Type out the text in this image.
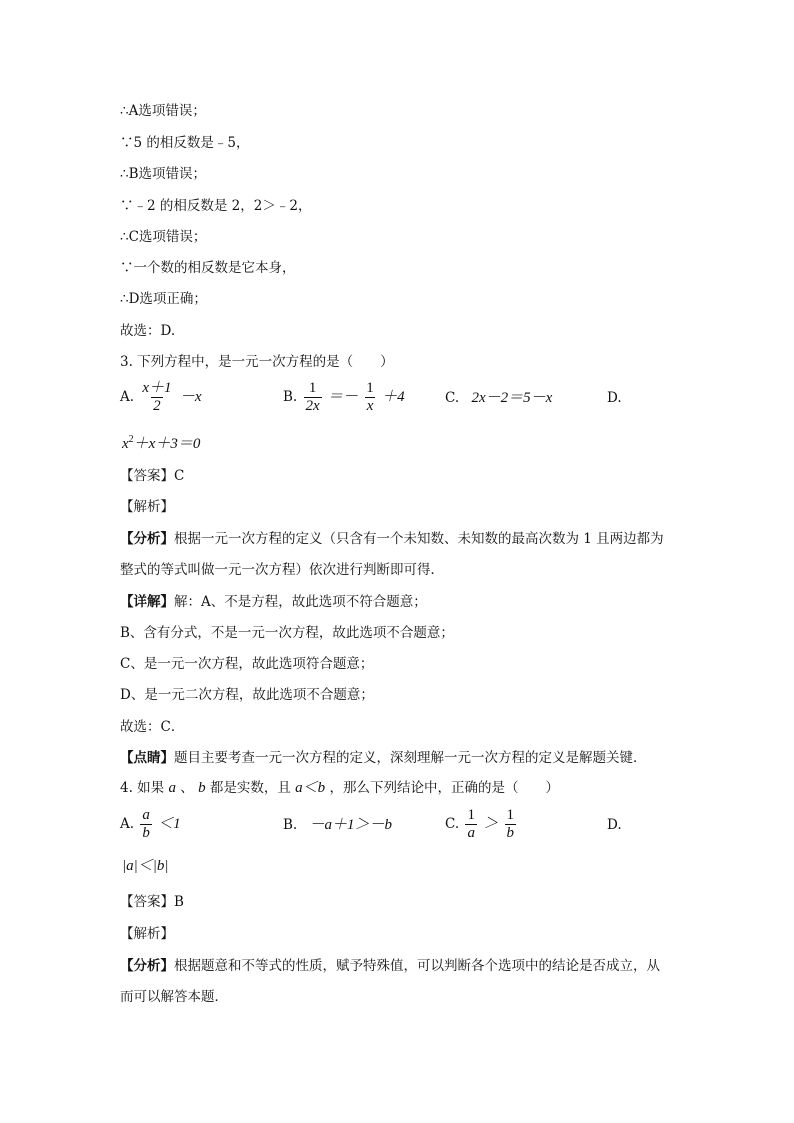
∴A选项错误；
∵5 的相反数是﹣5，
∴B选项错误；
∵﹣2 的相反数是 2，2＞﹣2，
∴C选项错误；
∵一个数的相反数是它本身，
∴D选项正确；
故选：D.
3. 下列方程中，是一元一次方程的是（　　）
A. $\frac{x+1}{2} -x$	B. $\frac{1}{2x} =- \frac{1}{x} +4$	C. 2x－2＝5－x	D.
$x^2+x+3=0$
【答案】C
【解析】
【分析】根据一元一次方程的定义（只含有一个未知数、未知数的最高次数为 1 且两边都为
整式的等式叫做一元一次方程）依次进行判断即可得．
【详解】解：A、不是方程，故此选项不符合题意；
B、含有分式，不是一元一次方程，故此选项不合题意；
C、是一元一次方程，故此选项符合题意；
D、是一元二次方程，故此选项不合题意；
故选：C．
【点睛】题目主要考查一元一次方程的定义，深刻理解一元一次方程的定义是解题关键．
4. 如果 a 、 b 都是实数，且 a＜b ，那么下列结论中，正确的是（　　）
A. $\frac{a}{b} <1$	B. －a＋1＞－b	C. $\frac{1}{a} > \frac{1}{b}$	D.
|a|＜|b|
【答案】B
【解析】
【分析】根据题意和不等式的性质，赋予特殊值，可以判断各个选项中的结论是否成立，从
而可以解答本题．
